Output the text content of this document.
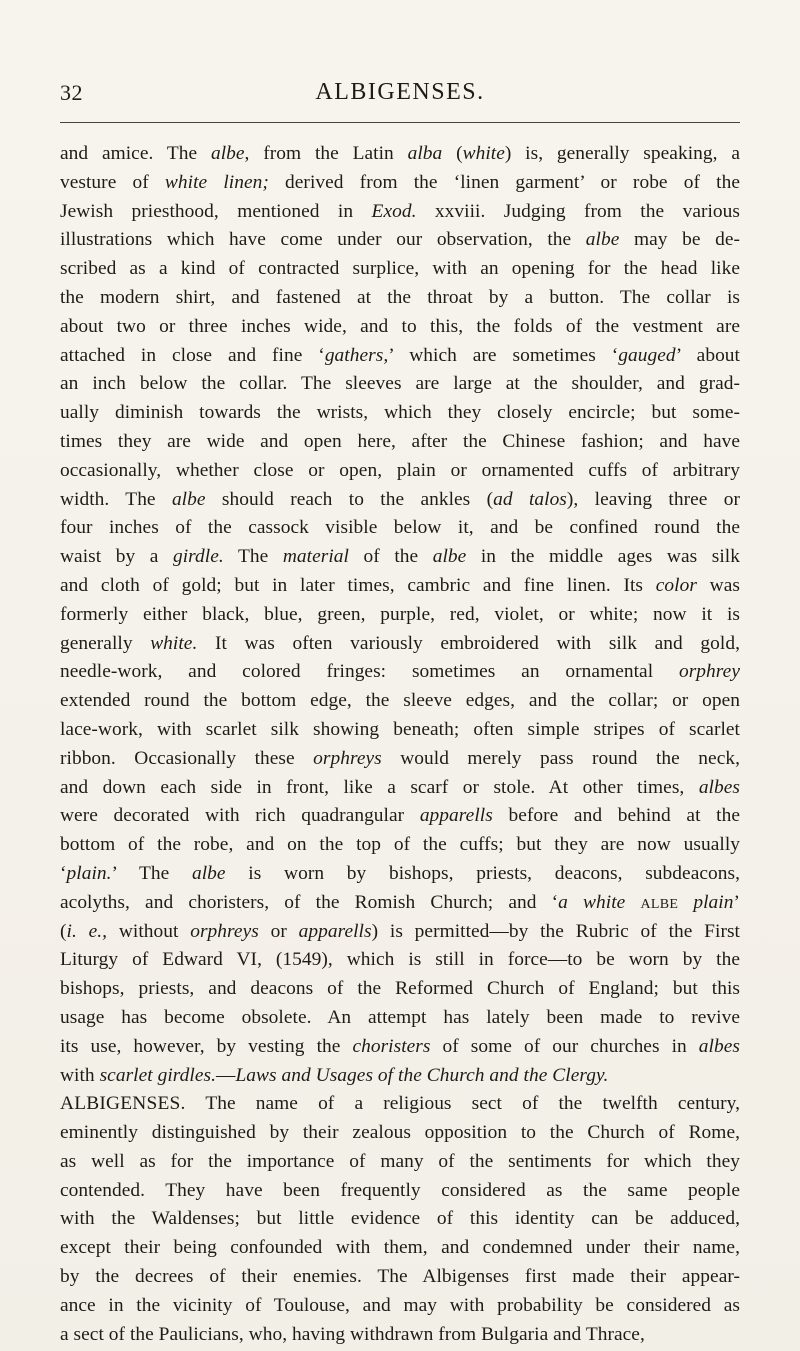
32	ALBIGENSES.
and amice. The albe, from the Latin alba (white) is, generally speaking, a
vesture of white linen; derived from the ‘linen garment’ or robe of the
Jewish priesthood, mentioned in Exod. xxviii. Judging from the various
illustrations which have come under our observation, the albe may be de-
scribed as a kind of contracted surplice, with an opening for the head like
the modern shirt, and fastened at the throat by a button. The collar is
about two or three inches wide, and to this, the folds of the vestment are
attached in close and fine ‘gathers,’ which are sometimes ‘gauged’ about
an inch below the collar. The sleeves are large at the shoulder, and grad-
ually diminish towards the wrists, which they closely encircle; but some-
times they are wide and open here, after the Chinese fashion; and have
occasionally, whether close or open, plain or ornamented cuffs of arbitrary
width. The albe should reach to the ankles (ad talos), leaving three or
four inches of the cassock visible below it, and be confined round the
waist by a girdle. The material of the albe in the middle ages was silk
and cloth of gold; but in later times, cambric and fine linen. Its color was
formerly either black, blue, green, purple, red, violet, or white; now it is
generally white. It was often variously embroidered with silk and gold,
needle-work, and colored fringes: sometimes an ornamental orphrey
extended round the bottom edge, the sleeve edges, and the collar; or open
lace-work, with scarlet silk showing beneath; often simple stripes of scarlet
ribbon. Occasionally these orphreys would merely pass round the neck,
and down each side in front, like a scarf or stole. At other times, albes
were decorated with rich quadrangular apparells before and behind at the
bottom of the robe, and on the top of the cuffs; but they are now usually
‘plain.’ The albe is worn by bishops, priests, deacons, subdeacons,
acolyths, and choristers, of the Romish Church; and ‘a white albe plain’
(i. e., without orphreys or apparells) is permitted—by the Rubric of the First
Liturgy of Edward VI, (1549), which is still in force—to be worn by the
bishops, priests, and deacons of the Reformed Church of England; but this
usage has become obsolete. An attempt has lately been made to revive
its use, however, by vesting the choristers of some of our churches in albes
with scarlet girdles.—Laws and Usages of the Church and the Clergy.
ALBIGENSES. The name of a religious sect of the twelfth century,
eminently distinguished by their zealous opposition to the Church of Rome,
as well as for the importance of many of the sentiments for which they
contended. They have been frequently considered as the same people
with the Waldenses; but little evidence of this identity can be adduced,
except their being confounded with them, and condemned under their name,
by the decrees of their enemies. The Albigenses first made their appear-
ance in the vicinity of Toulouse, and may with probability be considered as
a sect of the Paulicians, who, having withdrawn from Bulgaria and Thrace,
